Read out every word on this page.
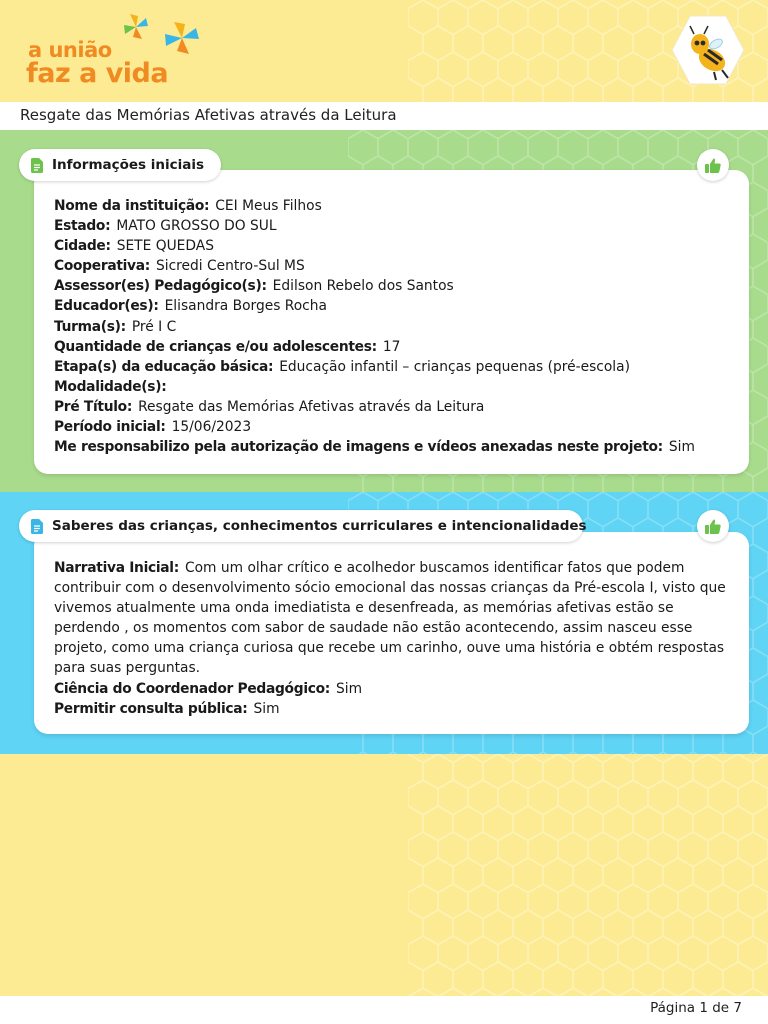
a união
faz a vida
Resgate das Memórias Afetivas através da Leitura
Nome da instituição: CEI Meus Filhos
Estado: MATO GROSSO DO SUL
Cidade: SETE QUEDAS
Cooperativa: Sicredi Centro-Sul MS
Assessor(es) Pedagógico(s): Edilson Rebelo dos Santos
Educador(es): Elisandra Borges Rocha
Turma(s): Pré I C
Quantidade de crianças e/ou adolescentes: 17
Etapa(s) da educação básica: Educação infantil – crianças pequenas (pré-escola)
Modalidade(s):
Pré Título: Resgate das Memórias Afetivas através da Leitura
Período inicial: 15/06/2023
Me responsabilizo pela autorização de imagens e vídeos anexadas neste projeto: Sim
Informações iniciais
Narrativa Inicial: Com um olhar crítico e acolhedor buscamos identificar fatos que podem contribuir com o desenvolvimento sócio emocional das nossas crianças da Pré-escola I, visto que vivemos atualmente uma onda imediatista e desenfreada, as memórias afetivas estão se perdendo , os momentos com sabor de saudade não estão acontecendo, assim nasceu esse projeto, como uma criança curiosa que recebe um carinho, ouve uma história e obtém respostas para suas perguntas.
Ciência do Coordenador Pedagógico: Sim
Permitir consulta pública: Sim
Saberes das crianças, conhecimentos curriculares e intencionalidades
Página 1 de 7
